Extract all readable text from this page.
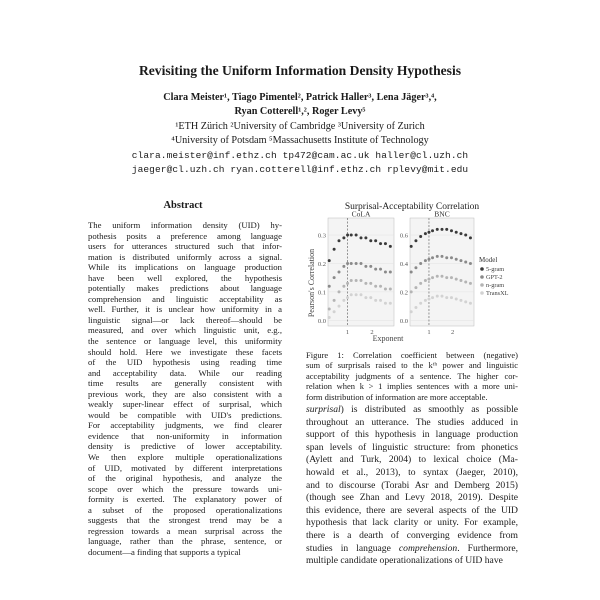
Revisiting the Uniform Information Density Hypothesis
Clara Meister¹, Tiago Pimentel², Patrick Haller³, Lena Jäger³,⁴,
Ryan Cotterell¹,², Roger Levy⁵
¹ETH Zürich ²University of Cambridge ³University of Zurich
⁴University of Potsdam ⁵Massachusetts Institute of Technology
clara.meister@inf.ethz.ch tp472@cam.ac.uk haller@cl.uzh.ch
jaeger@cl.uzh.ch ryan.cotterell@inf.ethz.ch rplevy@mit.edu
Abstract
The uniform information density (UID) hy-
pothesis posits a preference among language
users for utterances structured such that infor-
mation is distributed uniformly across a signal.
While its implications on language production
have been well explored, the hypothesis
potentially makes predictions about language
comprehension and linguistic acceptability as
well. Further, it is unclear how uniformity in a
linguistic signal—or lack thereof—should be
measured, and over which linguistic unit, e.g.,
the sentence or language level, this uniformity
should hold. Here we investigate these facets
of the UID hypothesis using reading time
and acceptability data. While our reading
time results are generally consistent with
previous work, they are also consistent with a
weakly super-linear effect of surprisal, which
would be compatible with UID's predictions.
For acceptability judgments, we find clearer
evidence that non-uniformity in information
density is predictive of lower acceptability.
We then explore multiple operationalizations
of UID, motivated by different interpretations
of the original hypothesis, and analyze the
scope over which the pressure towards uni-
formity is exerted. The explanatory power of
a subset of the proposed operationalizations
suggests that the strongest trend may be a
regression towards a mean surprisal across the
language, rather than the phrase, sentence, or
document—a finding that supports a typical
Surprisal-Acceptability Correlation
Pearson's Correlation
Exponent
CoLA
0.3
0.2
0.1
0.0
1	2
BNC
0.6
0.4
0.2
0.0
1	2
Model
5-gram
GPT-2
n-gram
TransXL
Figure 1: Correlation coefficient between (negative)
sum of surprisals raised to the kᵗʰ power and linguistic
acceptability judgments of a sentence. The higher cor-
relation when k > 1 implies sentences with a more uni-
form distribution of information are more acceptable.
surprisal) is distributed as smoothly as possible
throughout an utterance. The studies adduced in
support of this hypothesis in language production
span levels of linguistic structure: from phonetics
(Aylett and Turk, 2004) to lexical choice (Ma-
howald et al., 2013), to syntax (Jaeger, 2010),
and to discourse (Torabi Asr and Demberg 2015)
(though see Zhan and Levy 2018, 2019). Despite
this evidence, there are several aspects of the UID
hypothesis that lack clarity or unity. For example,
there is a dearth of converging evidence from
studies in language comprehension. Furthermore,
multiple candidate operationalizations of UID have
